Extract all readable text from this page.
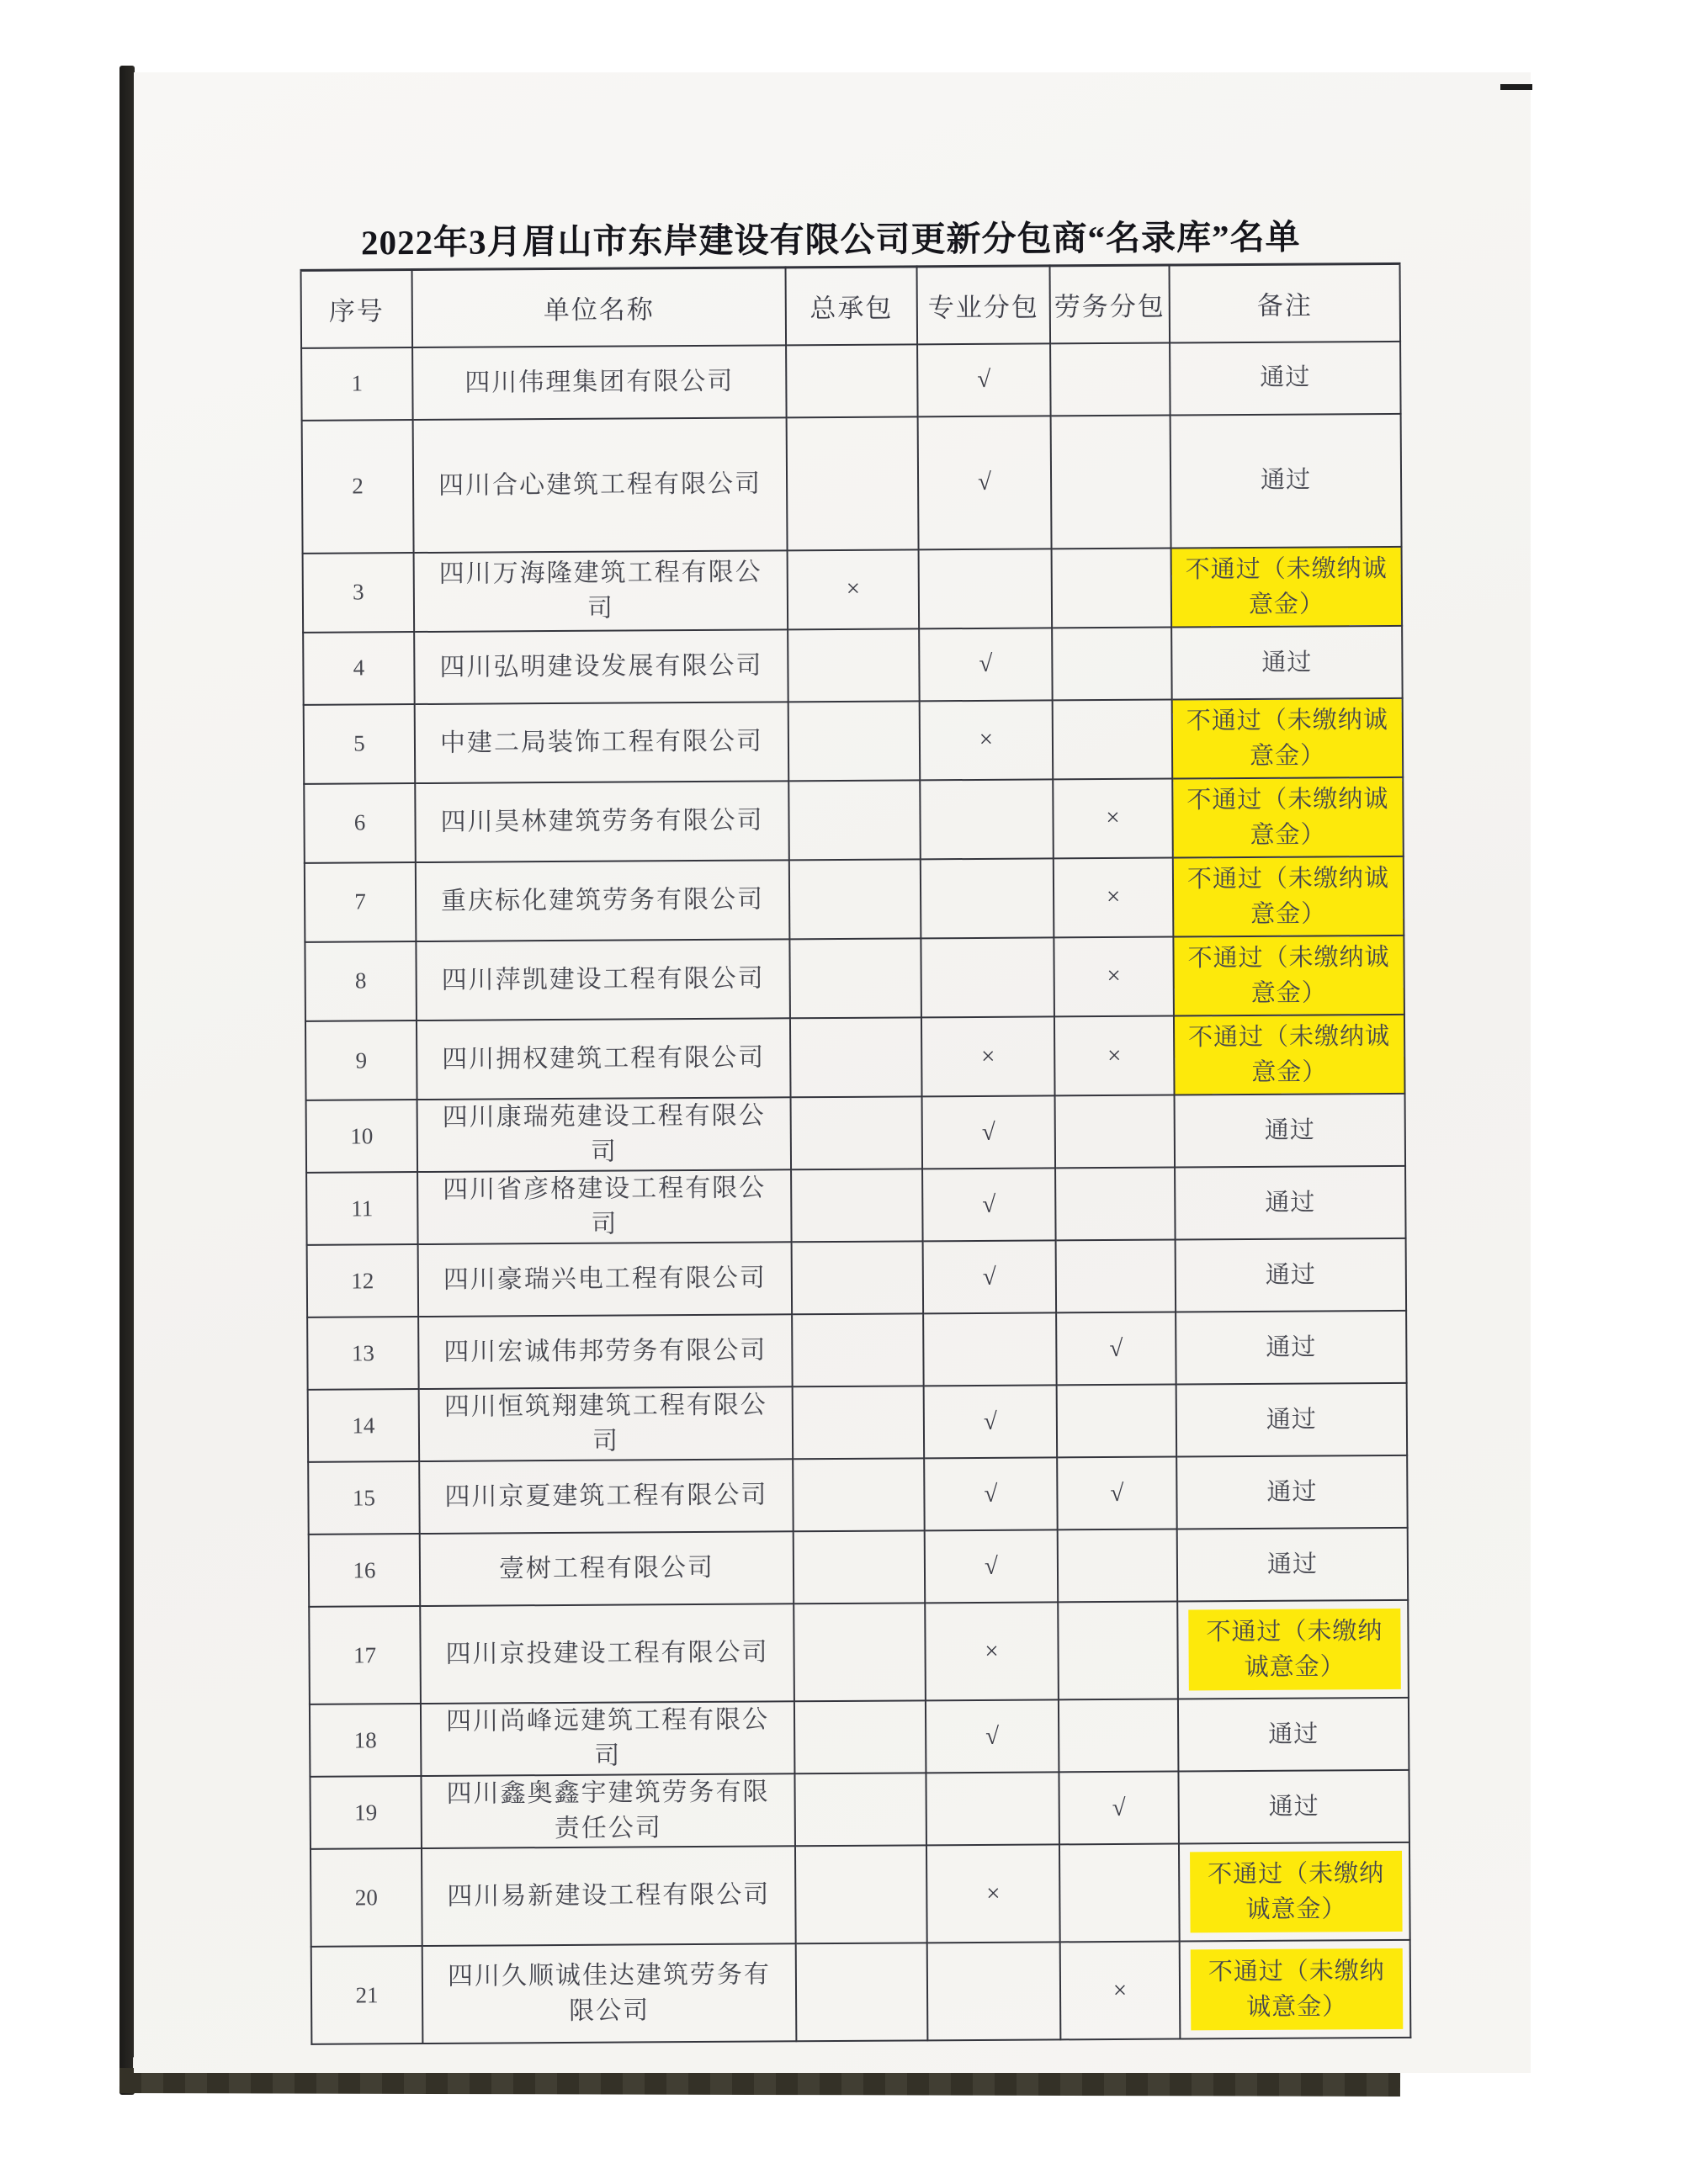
2022年3月眉山市东岸建设有限公司更新分包商“名录库”名单
序号	单位名称	总承包	专业分包	劳务分包	备注
1	四川伟理集团有限公司		√		通过

2	四川合心建筑工程有限公司		√		通过

3	四川万海隆建筑工程有限公司	×			不通过（未缴纳诚意金）

4	四川弘明建设发展有限公司		√		通过

5	中建二局装饰工程有限公司		×		不通过（未缴纳诚意金）

6	四川昊林建筑劳务有限公司			×	不通过（未缴纳诚意金）

7	重庆标化建筑劳务有限公司			×	不通过（未缴纳诚意金）

8	四川萍凯建设工程有限公司			×	不通过（未缴纳诚意金）

9	四川拥权建筑工程有限公司		×	×	不通过（未缴纳诚意金）

10	四川康瑞苑建设工程有限公司		√		通过

11	四川省彦格建设工程有限公司		√		通过

12	四川豪瑞兴电工程有限公司		√		通过

13	四川宏诚伟邦劳务有限公司			√	通过

14	四川恒筑翔建筑工程有限公司		√		通过

15	四川京夏建筑工程有限公司		√	√	通过

16	壹树工程有限公司		√		通过

17	四川京投建设工程有限公司		×		不通过（未缴纳诚意金）

18	四川尚峰远建筑工程有限公司		√		通过

19	四川鑫奥鑫宇建筑劳务有限责任公司			√	通过

20	四川易新建设工程有限公司		×		不通过（未缴纳诚意金）

21	四川久顺诚佳达建筑劳务有限公司			×	不通过（未缴纳诚意金）
